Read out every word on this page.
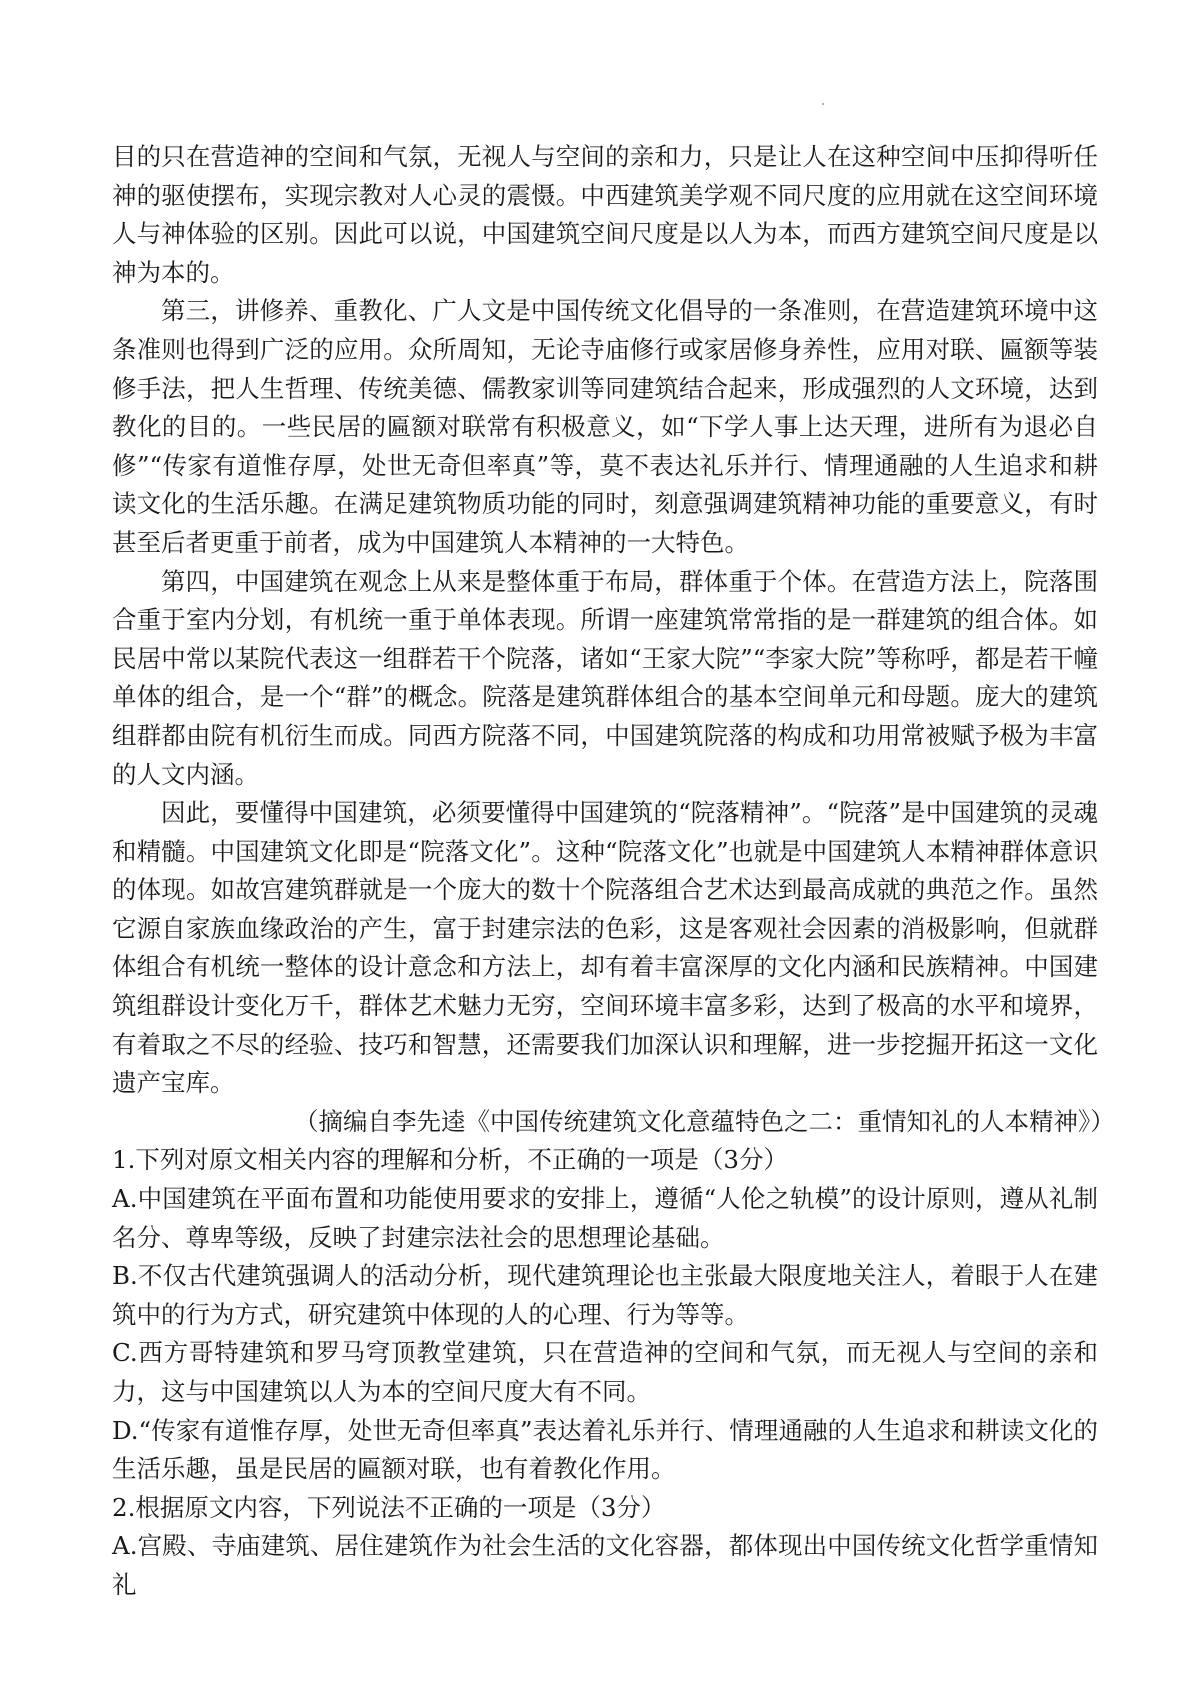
目的只在营造神的空间和气氛，无视人与空间的亲和力，只是让人在这种空间中压抑得听任神的驱使摆布，实现宗教对人心灵的震慑。中西建筑美学观不同尺度的应用就在这空间环境人与神体验的区别。因此可以说，中国建筑空间尺度是以人为本，而西方建筑空间尺度是以神为本的。

第三，讲修养、重教化、广人文是中国传统文化倡导的一条准则，在营造建筑环境中这条准则也得到广泛的应用。众所周知，无论寺庙修行或家居修身养性，应用对联、匾额等装修手法，把人生哲理、传统美德、儒教家训等同建筑结合起来，形成强烈的人文环境，达到教化的目的。一些民居的匾额对联常有积极意义，如“下学人事上达天理，进所有为退必自修”“传家有道惟存厚，处世无奇但率真”等，莫不表达礼乐并行、情理通融的人生追求和耕读文化的生活乐趣。在满足建筑物质功能的同时，刻意强调建筑精神功能的重要意义，有时甚至后者更重于前者，成为中国建筑人本精神的一大特色。

第四，中国建筑在观念上从来是整体重于布局，群体重于个体。在营造方法上，院落围合重于室内分划，有机统一重于单体表现。所谓一座建筑常常指的是一群建筑的组合体。如民居中常以某院代表这一组群若干个院落，诸如“王家大院”“李家大院”等称呼，都是若干幢单体的组合，是一个“群”的概念。院落是建筑群体组合的基本空间单元和母题。庞大的建筑组群都由院有机衍生而成。同西方院落不同，中国建筑院落的构成和功用常被赋予极为丰富的人文内涵。

因此，要懂得中国建筑，必须要懂得中国建筑的“院落精神”。“院落”是中国建筑的灵魂和精髓。中国建筑文化即是“院落文化”。这种“院落文化”也就是中国建筑人本精神群体意识的体现。如故宫建筑群就是一个庞大的数十个院落组合艺术达到最高成就的典范之作。虽然它源自家族血缘政治的产生，富于封建宗法的色彩，这是客观社会因素的消极影响，但就群体组合有机统一整体的设计意念和方法上，却有着丰富深厚的文化内涵和民族精神。中国建筑组群设计变化万千，群体艺术魅力无穷，空间环境丰富多彩，达到了极高的水平和境界，有着取之不尽的经验、技巧和智慧，还需要我们加深认识和理解，进一步挖掘开拓这一文化遗产宝库。

（摘编自李先逵《中国传统建筑文化意蕴特色之二：重情知礼的人本精神》）

1.下列对原文相关内容的理解和分析，不正确的一项是（3分）

A.中国建筑在平面布置和功能使用要求的安排上，遵循“人伦之轨模”的设计原则，遵从礼制名分、尊卑等级，反映了封建宗法社会的思想理论基础。

B.不仅古代建筑强调人的活动分析，现代建筑理论也主张最大限度地关注人，着眼于人在建筑中的行为方式，研究建筑中体现的人的心理、行为等等。

C.西方哥特建筑和罗马穹顶教堂建筑，只在营造神的空间和气氛，而无视人与空间的亲和力，这与中国建筑以人为本的空间尺度大有不同。

D.“传家有道惟存厚，处世无奇但率真”表达着礼乐并行、情理通融的人生追求和耕读文化的生活乐趣，虽是民居的匾额对联，也有着教化作用。

2.根据原文内容，下列说法不正确的一项是（3分）

A.宫殿、寺庙建筑、居住建筑作为社会生活的文化容器，都体现出中国传统文化哲学重情知礼
